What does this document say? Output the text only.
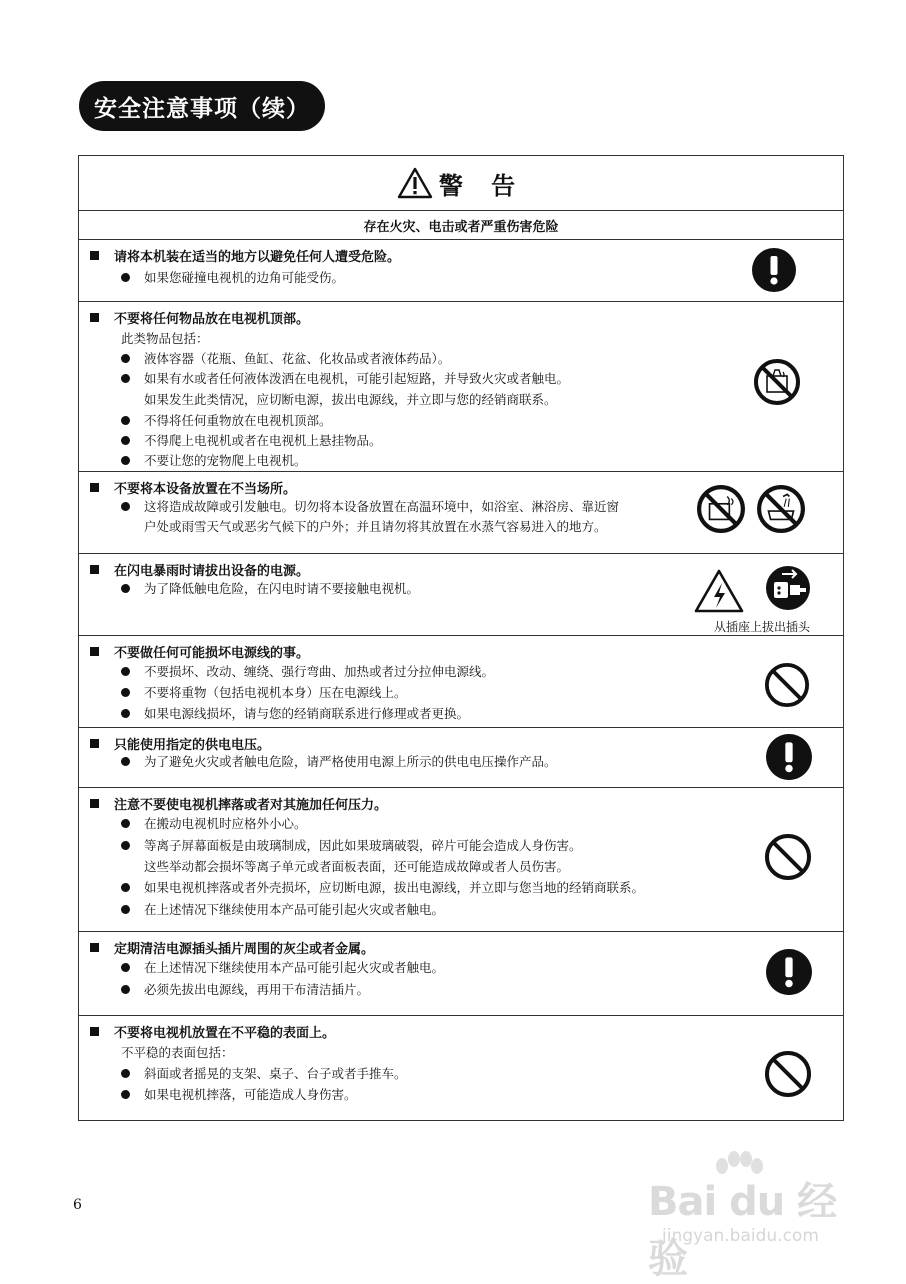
安全注意事项（续）
警 告
存在火灾、电击或者严重伤害危险
请将本机装在适当的地方以避免任何人遭受危险。
如果您碰撞电视机的边角可能受伤。
不要将任何物品放在电视机顶部。
此类物品包括：
液体容器（花瓶、鱼缸、花盆、化妆品或者液体药品）。
如果有水或者任何液体泼洒在电视机，可能引起短路，并导致火灾或者触电。
如果发生此类情况，应切断电源，拔出电源线，并立即与您的经销商联系。
不得将任何重物放在电视机顶部。
不得爬上电视机或者在电视机上悬挂物品。
不要让您的宠物爬上电视机。
不要将本设备放置在不当场所。
这将造成故障或引发触电。切勿将本设备放置在高温环境中，如浴室、淋浴房、靠近窗
户处或雨雪天气或恶劣气候下的户外；并且请勿将其放置在水蒸气容易进入的地方。
在闪电暴雨时请拔出设备的电源。
为了降低触电危险，在闪电时请不要接触电视机。
从插座上拔出插头
不要做任何可能损坏电源线的事。
不要损坏、改动、缠绕、强行弯曲、加热或者过分拉伸电源线。
不要将重物（包括电视机本身）压在电源线上。
如果电源线损坏，请与您的经销商联系进行修理或者更换。
只能使用指定的供电电压。
为了避免火灾或者触电危险，请严格使用电源上所示的供电电压操作产品。
注意不要使电视机摔落或者对其施加任何压力。
在搬动电视机时应格外小心。
等离子屏幕面板是由玻璃制成，因此如果玻璃破裂，碎片可能会造成人身伤害。
这些举动都会损坏等离子单元或者面板表面，还可能造成故障或者人员伤害。
如果电视机摔落或者外壳损坏，应切断电源，拔出电源线，并立即与您当地的经销商联系。
在上述情况下继续使用本产品可能引起火灾或者触电。
定期清洁电源插头插片周围的灰尘或者金属。
在上述情况下继续使用本产品可能引起火灾或者触电。
必须先拔出电源线，再用干布清洁插片。
不要将电视机放置在不平稳的表面上。
不平稳的表面包括：
斜面或者摇晃的支架、桌子、台子或者手推车。
如果电视机摔落，可能造成人身伤害。
6	Bai du 经验
jingyan.baidu.com
